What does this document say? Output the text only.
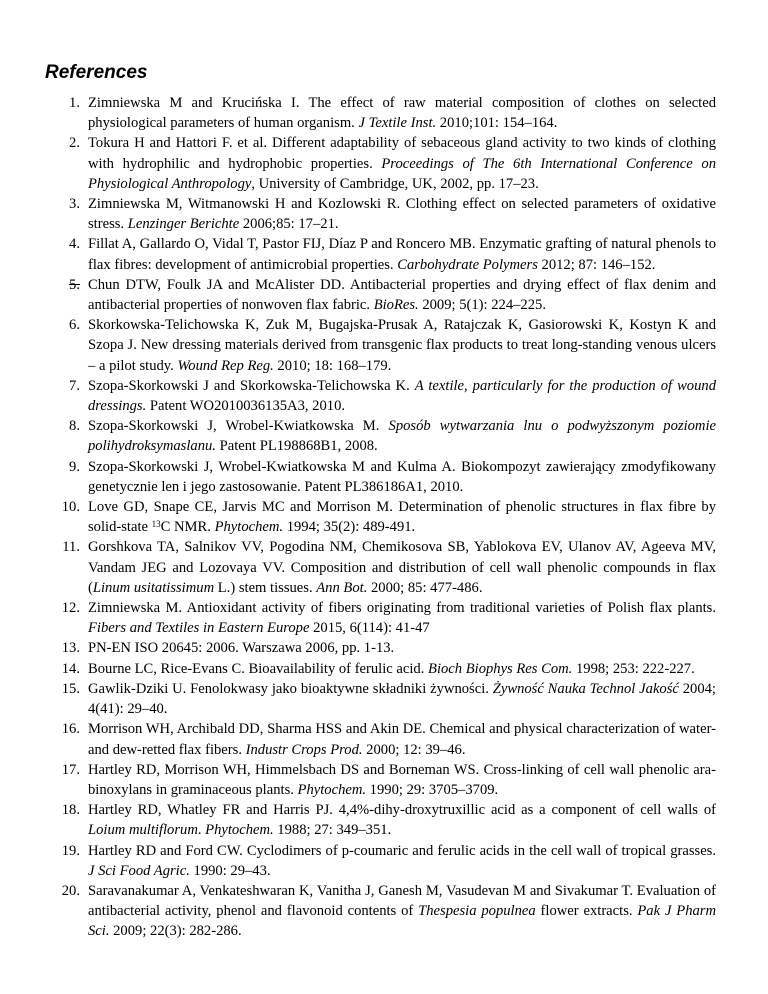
References
1. Zimniewska M and Krucińska I. The effect of raw material composition of clothes on selected physiological parameters of human organism. J Textile Inst. 2010;101: 154–164.
2. Tokura H and Hattori F. et al. Different adaptability of sebaceous gland activity to two kinds of clothing with hydrophilic and hydrophobic properties. Proceedings of The 6th International Conference on Physiological Anthropology, University of Cambridge, UK, 2002, pp. 17–23.
3. Zimniewska M, Witmanowski H and Kozlowski R. Clothing effect on selected parameters of oxidative stress. Lenzinger Berichte 2006;85: 17–21.
4. Fillat A, Gallardo O, Vidal T, Pastor FIJ, Díaz P and Roncero MB. Enzymatic grafting of natural phenols to flax fibres: development of antimicrobial properties. Carbohydrate Polymers 2012; 87: 146–152.
5. Chun DTW, Foulk JA and McAlister DD. Antibacterial properties and drying effect of flax denim and antibacterial properties of nonwoven flax fabric. BioRes. 2009; 5(1): 224–225.
6. Skorkowska-Telichowska K, Zuk M, Bugajska-Prusak A, Ratajczak K, Gasiorowski K, Kostyn K and Szopa J. New dressing materials derived from transgenic flax products to treat long-standing venous ulcers – a pilot study. Wound Rep Reg. 2010; 18: 168–179.
7. Szopa-Skorkowski J and Skorkowska-Telichowska K. A textile, particularly for the production of wound dressings. Patent WO2010036135A3, 2010.
8. Szopa-Skorkowski J, Wrobel-Kwiatkowska M. Sposób wytwarzania lnu o podwyższonym poziomie polihydroksymaslanu. Patent PL198868B1, 2008.
9. Szopa-Skorkowski J, Wrobel-Kwiatkowska M and Kulma A. Biokompozyt zawierający zmodyfikowany genetycznie len i jego zastosowanie. Patent PL386186A1, 2010.
10. Love GD, Snape CE, Jarvis MC and Morrison M. Determination of phenolic structures in flax fibre by solid-state $^{13}$C NMR. Phytochem. 1994; 35(2): 489-491.
11. Gorshkova TA, Salnikov VV, Pogodina NM, Chemikosova SB, Yablokova EV, Ulanov AV, Ageeva MV, Vandam JEG and Lozovaya VV. Composition and distribution of cell wall phenolic compounds in flax (Linum usitatissimum L.) stem tissues. Ann Bot. 2000; 85: 477-486.
12. Zimniewska M. Antioxidant activity of fibers originating from traditional varieties of Polish flax plants. Fibers and Textiles in Eastern Europe 2015, 6(114): 41-47
13. PN-EN ISO 20645: 2006. Warszawa 2006, pp. 1-13.
14. Bourne LC, Rice-Evans C. Bioavailability of ferulic acid. Bioch Biophys Res Com. 1998; 253: 222-227.
15. Gawlik-Dziki U. Fenolokwasy jako bioaktywne składniki żywności. Żywność Nauka Technol Jakość 2004; 4(41): 29–40.
16. Morrison WH, Archibald DD, Sharma HSS and Akin DE. Chemical and physical characterization of water- and dew-retted flax fibers. Industr Crops Prod. 2000; 12: 39–46.
17. Hartley RD, Morrison WH, Himmelsbach DS and Borneman WS. Cross-linking of cell wall phenolic ara-binoxylans in graminaceous plants. Phytochem. 1990; 29: 3705–3709.
18. Hartley RD, Whatley FR and Harris PJ. 4,4%-dihy-droxytruxillic acid as a component of cell walls of Loium multiflorum. Phytochem. 1988; 27: 349–351.
19. Hartley RD and Ford CW. Cyclodimers of p-coumaric and ferulic acids in the cell wall of tropical grasses. J Sci Food Agric. 1990: 29–43.
20. Saravanakumar A, Venkateshwaran K, Vanitha J, Ganesh M, Vasudevan M and Sivakumar T. Evaluation of antibacterial activity, phenol and flavonoid contents of Thespesia populnea flower extracts. Pak J Pharm Sci. 2009; 22(3): 282-286.
